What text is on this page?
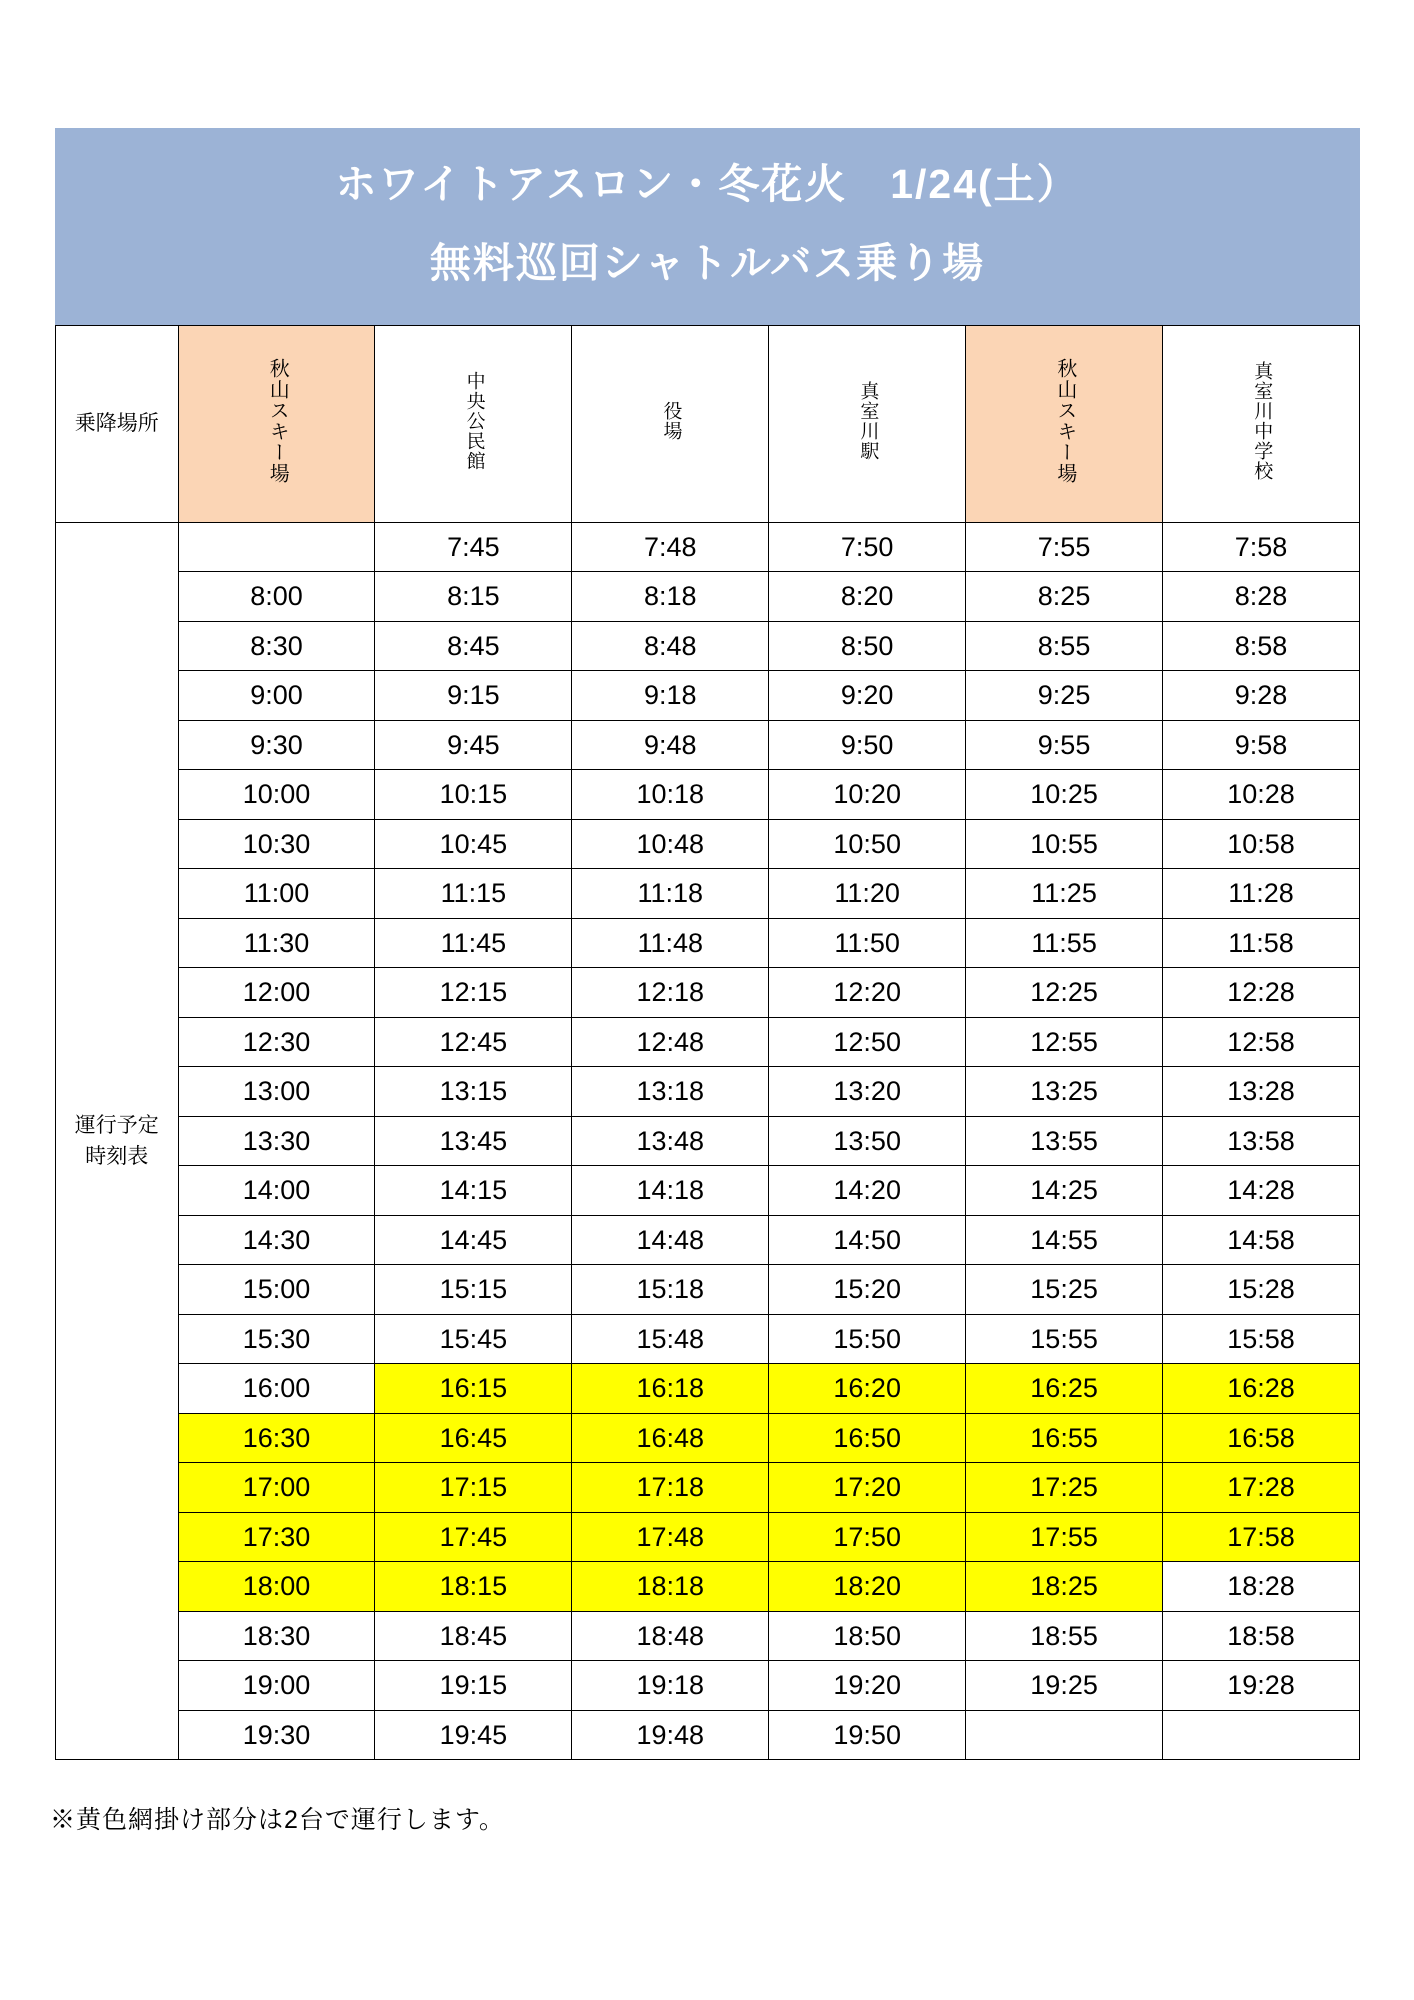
ホワイトアスロン・冬花火　1/24(土）
無料巡回シャトルバス乗り場
乗降場所	秋山スキー場	中央公民館	役場	真室川駅	秋山スキー場	真室川中学校
運行予定
時刻表		7:45	7:48	7:50	7:55	7:58
	8:00	8:15	8:18	8:20	8:25	8:28
	8:30	8:45	8:48	8:50	8:55	8:58
	9:00	9:15	9:18	9:20	9:25	9:28
	9:30	9:45	9:48	9:50	9:55	9:58
	10:00	10:15	10:18	10:20	10:25	10:28
	10:30	10:45	10:48	10:50	10:55	10:58
	11:00	11:15	11:18	11:20	11:25	11:28
	11:30	11:45	11:48	11:50	11:55	11:58
	12:00	12:15	12:18	12:20	12:25	12:28
	12:30	12:45	12:48	12:50	12:55	12:58
	13:00	13:15	13:18	13:20	13:25	13:28
	13:30	13:45	13:48	13:50	13:55	13:58
	14:00	14:15	14:18	14:20	14:25	14:28
	14:30	14:45	14:48	14:50	14:55	14:58
	15:00	15:15	15:18	15:20	15:25	15:28
	15:30	15:45	15:48	15:50	15:55	15:58
	16:00	16:15	16:18	16:20	16:25	16:28
	16:30	16:45	16:48	16:50	16:55	16:58
	17:00	17:15	17:18	17:20	17:25	17:28
	17:30	17:45	17:48	17:50	17:55	17:58
	18:00	18:15	18:18	18:20	18:25	18:28
	18:30	18:45	18:48	18:50	18:55	18:58
	19:00	19:15	19:18	19:20	19:25	19:28
	19:30	19:45	19:48	19:50		
※黄色網掛け部分は2台で運行します。
